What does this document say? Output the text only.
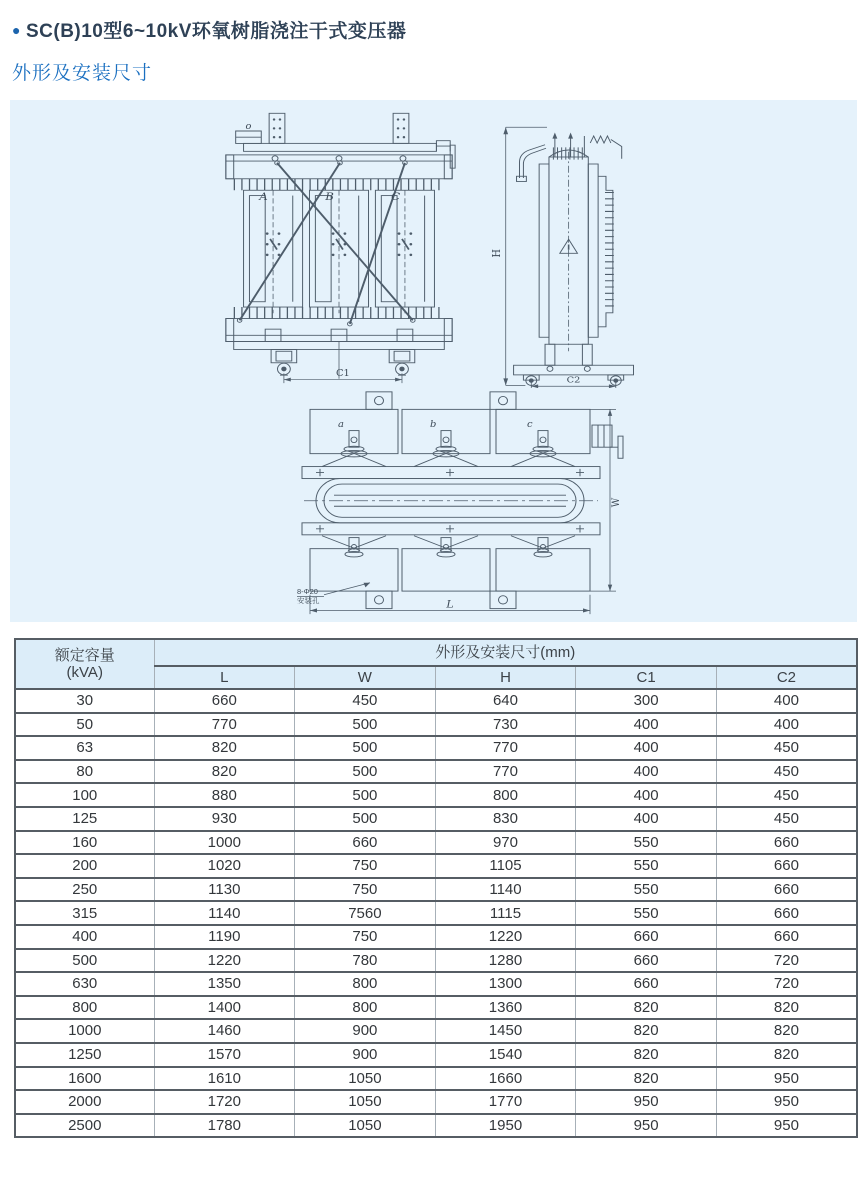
● SC(B)10型6~10kV环氧树脂浇注干式变压器
外形及安装尺寸
o
A	B	C
C1
H
C2
a	b	c
W
L
8-Φ20
安装孔
额定容量
(kVA)	外形及安装尺寸(mm)				
	L	W	H	C1	C2
30	660	450	640	300	400
50	770	500	730	400	400
63	820	500	770	400	450
80	820	500	770	400	450
100	880	500	800	400	450
125	930	500	830	400	450
160	1000	660	970	550	660
200	1020	750	1105	550	660
250	1130	750	1140	550	660
315	1140	7560	1115	550	660
400	1190	750	1220	660	660
500	1220	780	1280	660	720
630	1350	800	1300	660	720
800	1400	800	1360	820	820
1000	1460	900	1450	820	820
1250	1570	900	1540	820	820
1600	1610	1050	1660	820	950
2000	1720	1050	1770	950	950
2500	1780	1050	1950	950	950
